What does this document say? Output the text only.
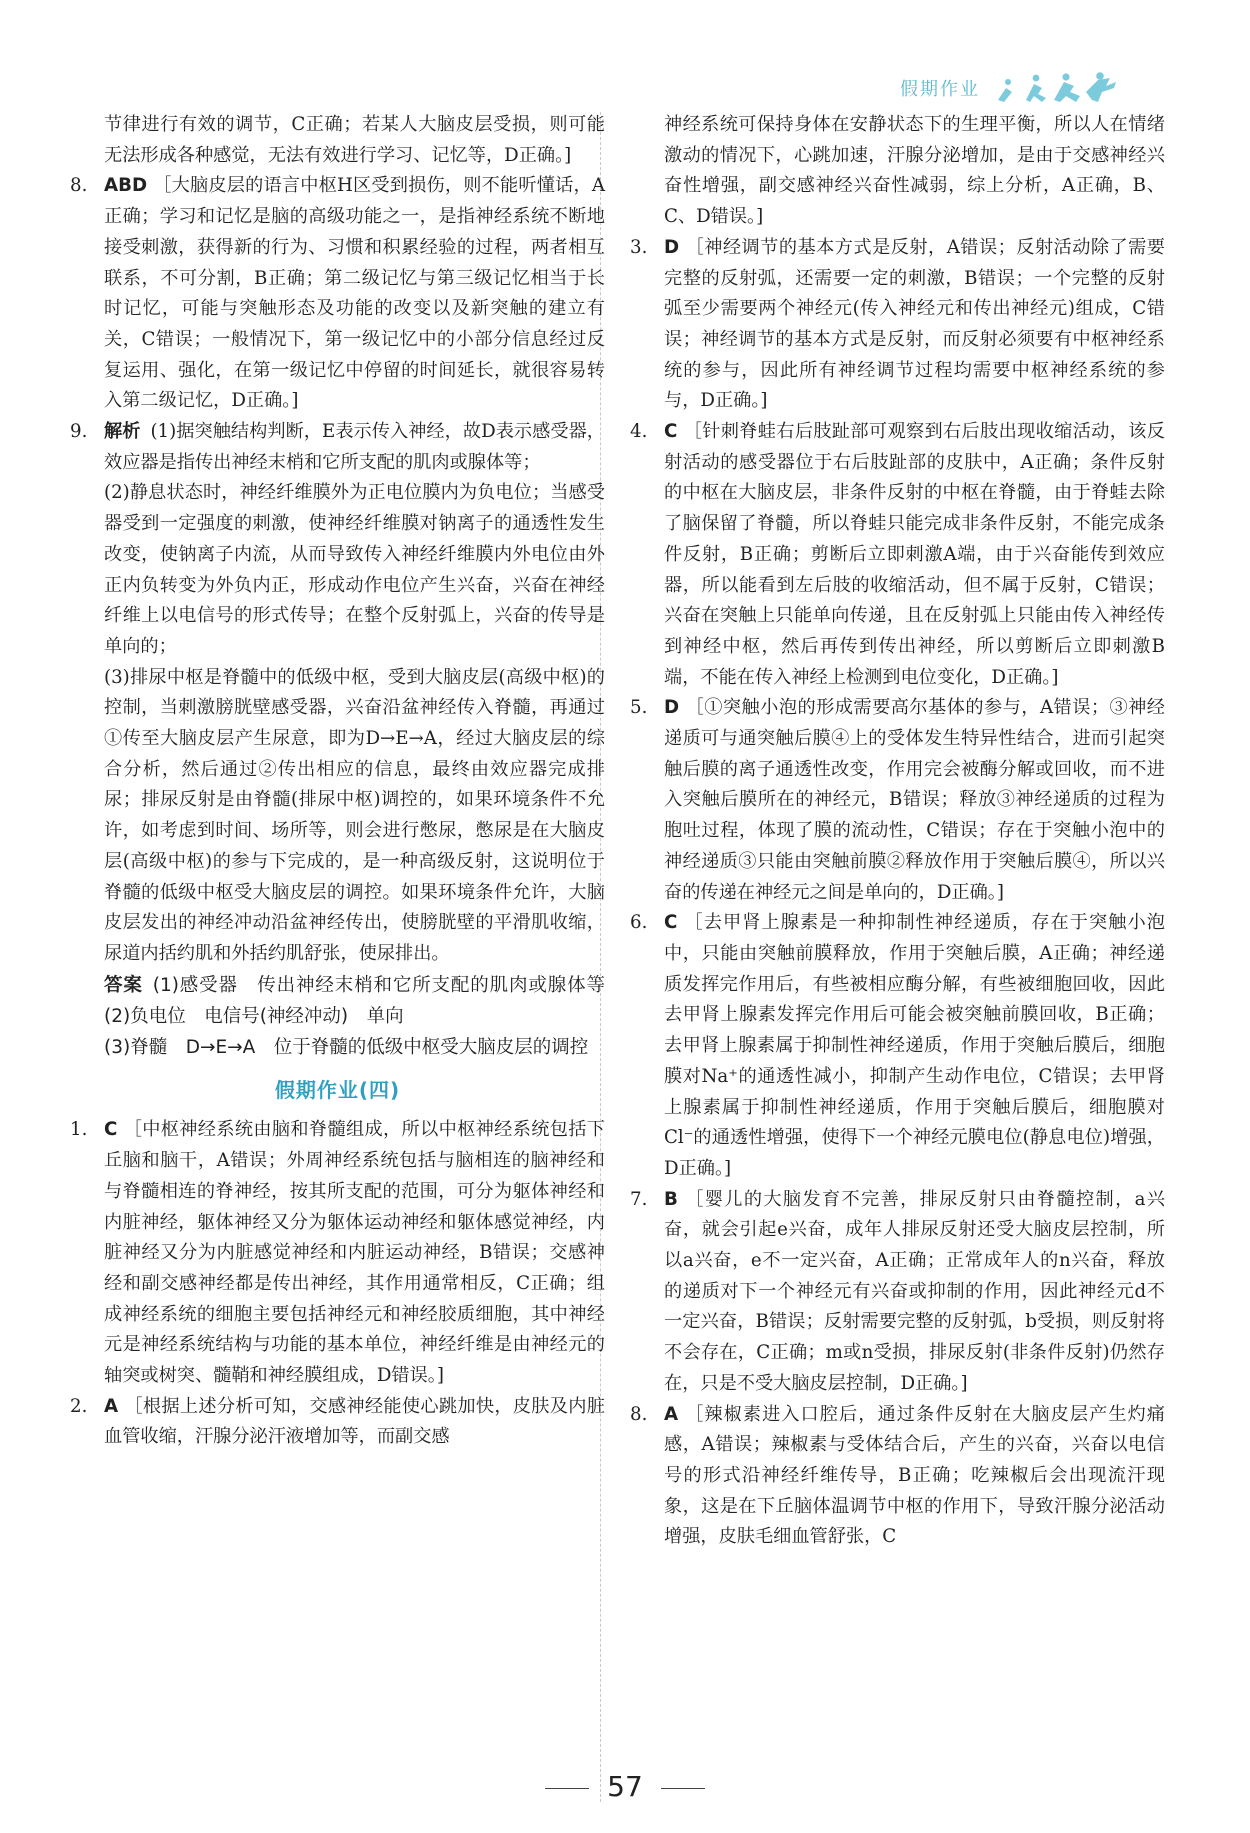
假期作业

节律进行有效的调节，C正确；若某人大脑皮层受损，则可能无法形成各种感觉，无法有效进行学习、记忆等，D正确。]

8. ABD ［大脑皮层的语言中枢H区受到损伤，则不能听懂话，A正确；学习和记忆是脑的高级功能之一，是指神经系统不断地接受刺激，获得新的行为、习惯和积累经验的过程，两者相互联系，不可分割，B正确；第二级记忆与第三级记忆相当于长时记忆，可能与突触形态及功能的改变以及新突触的建立有关，C错误；一般情况下，第一级记忆中的小部分信息经过反复运用、强化，在第一级记忆中停留的时间延长，就很容易转入第二级记忆，D正确。]
9. 解析 (1)据突触结构判断，E表示传入神经，故D表示感受器，效应器是指传出神经末梢和它所支配的肌肉或腺体等；

(2)静息状态时，神经纤维膜外为正电位膜内为负电位；当感受器受到一定强度的刺激，使神经纤维膜对钠离子的通透性发生改变，使钠离子内流，从而导致传入神经纤维膜内外电位由外正内负转变为外负内正，形成动作电位产生兴奋，兴奋在神经纤维上以电信号的形式传导；在整个反射弧上，兴奋的传导是单向的；

(3)排尿中枢是脊髓中的低级中枢，受到大脑皮层(高级中枢)的控制，当刺激膀胱壁感受器，兴奋沿盆神经传入脊髓，再通过①传至大脑皮层产生尿意，即为D→E→A，经过大脑皮层的综合分析，然后通过②传出相应的信息，最终由效应器完成排尿；排尿反射是由脊髓(排尿中枢)调控的，如果环境条件不允许，如考虑到时间、场所等，则会进行憋尿，憋尿是在大脑皮层(高级中枢)的参与下完成的，是一种高级反射，这说明位于脊髓的低级中枢受大脑皮层的调控。如果环境条件允许，大脑皮层发出的神经冲动沿盆神经传出，使膀胱壁的平滑肌收缩，尿道内括约肌和外括约肌舒张，使尿排出。

答案 (1)感受器　传出神经末梢和它所支配的肌肉或腺体等　(2)负电位　电信号(神经冲动)　单向
(3)脊髓　D→E→A　位于脊髓的低级中枢受大脑皮层的调控
假期作业(四)
1. C ［中枢神经系统由脑和脊髓组成，所以中枢神经系统包括下丘脑和脑干，A错误；外周神经系统包括与脑相连的脑神经和与脊髓相连的脊神经，按其所支配的范围，可分为躯体神经和内脏神经，躯体神经又分为躯体运动神经和躯体感觉神经，内脏神经又分为内脏感觉神经和内脏运动神经，B错误；交感神经和副交感神经都是传出神经，其作用通常相反，C正确；组成神经系统的细胞主要包括神经元和神经胶质细胞，其中神经元是神经系统结构与功能的基本单位，神经纤维是由神经元的轴突或树突、髓鞘和神经膜组成，D错误。]
2. A ［根据上述分析可知，交感神经能使心跳加快，皮肤及内脏血管收缩，汗腺分泌汗液增加等，而副交感

神经系统可保持身体在安静状态下的生理平衡，所以人在情绪激动的情况下，心跳加速，汗腺分泌增加，是由于交感神经兴奋性增强，副交感神经兴奋性减弱，综上分析，A正确，B、C、D错误。]

3. D ［神经调节的基本方式是反射，A错误；反射活动除了需要完整的反射弧，还需要一定的刺激，B错误；一个完整的反射弧至少需要两个神经元(传入神经元和传出神经元)组成，C错误；神经调节的基本方式是反射，而反射必须要有中枢神经系统的参与，因此所有神经调节过程均需要中枢神经系统的参与，D正确。]
4. C ［针刺脊蛙右后肢趾部可观察到右后肢出现收缩活动，该反射活动的感受器位于右后肢趾部的皮肤中，A正确；条件反射的中枢在大脑皮层，非条件反射的中枢在脊髓，由于脊蛙去除了脑保留了脊髓，所以脊蛙只能完成非条件反射，不能完成条件反射，B正确；剪断后立即刺激A端，由于兴奋能传到效应器，所以能看到左后肢的收缩活动，但不属于反射，C错误；兴奋在突触上只能单向传递，且在反射弧上只能由传入神经传到神经中枢，然后再传到传出神经，所以剪断后立即刺激B端，不能在传入神经上检测到电位变化，D正确。]
5. D ［①突触小泡的形成需要高尔基体的参与，A错误；③神经递质可与通突触后膜④上的受体发生特异性结合，进而引起突触后膜的离子通透性改变，作用完会被酶分解或回收，而不进入突触后膜所在的神经元，B错误；释放③神经递质的过程为胞吐过程，体现了膜的流动性，C错误；存在于突触小泡中的神经递质③只能由突触前膜②释放作用于突触后膜④，所以兴奋的传递在神经元之间是单向的，D正确。]
6. C ［去甲肾上腺素是一种抑制性神经递质，存在于突触小泡中，只能由突触前膜释放，作用于突触后膜，A正确；神经递质发挥完作用后，有些被相应酶分解，有些被细胞回收，因此去甲肾上腺素发挥完作用后可能会被突触前膜回收，B正确；去甲肾上腺素属于抑制性神经递质，作用于突触后膜后，细胞膜对Na⁺的通透性减小，抑制产生动作电位，C错误；去甲肾上腺素属于抑制性神经递质，作用于突触后膜后，细胞膜对Cl⁻的通透性增强，使得下一个神经元膜电位(静息电位)增强，D正确。]
7. B ［婴儿的大脑发育不完善，排尿反射只由脊髓控制，a兴奋，就会引起e兴奋，成年人排尿反射还受大脑皮层控制，所以a兴奋，e不一定兴奋，A正确；正常成年人的n兴奋，释放的递质对下一个神经元有兴奋或抑制的作用，因此神经元d不一定兴奋，B错误；反射需要完整的反射弧，b受损，则反射将不会存在，C正确；m或n受损，排尿反射(非条件反射)仍然存在，只是不受大脑皮层控制，D正确。]
8. A ［辣椒素进入口腔后，通过条件反射在大脑皮层产生灼痛感，A错误；辣椒素与受体结合后，产生的兴奋，兴奋以电信号的形式沿神经纤维传导，B正确；吃辣椒后会出现流汗现象，这是在下丘脑体温调节中枢的作用下，导致汗腺分泌活动增强，皮肤毛细血管舒张，C
57
